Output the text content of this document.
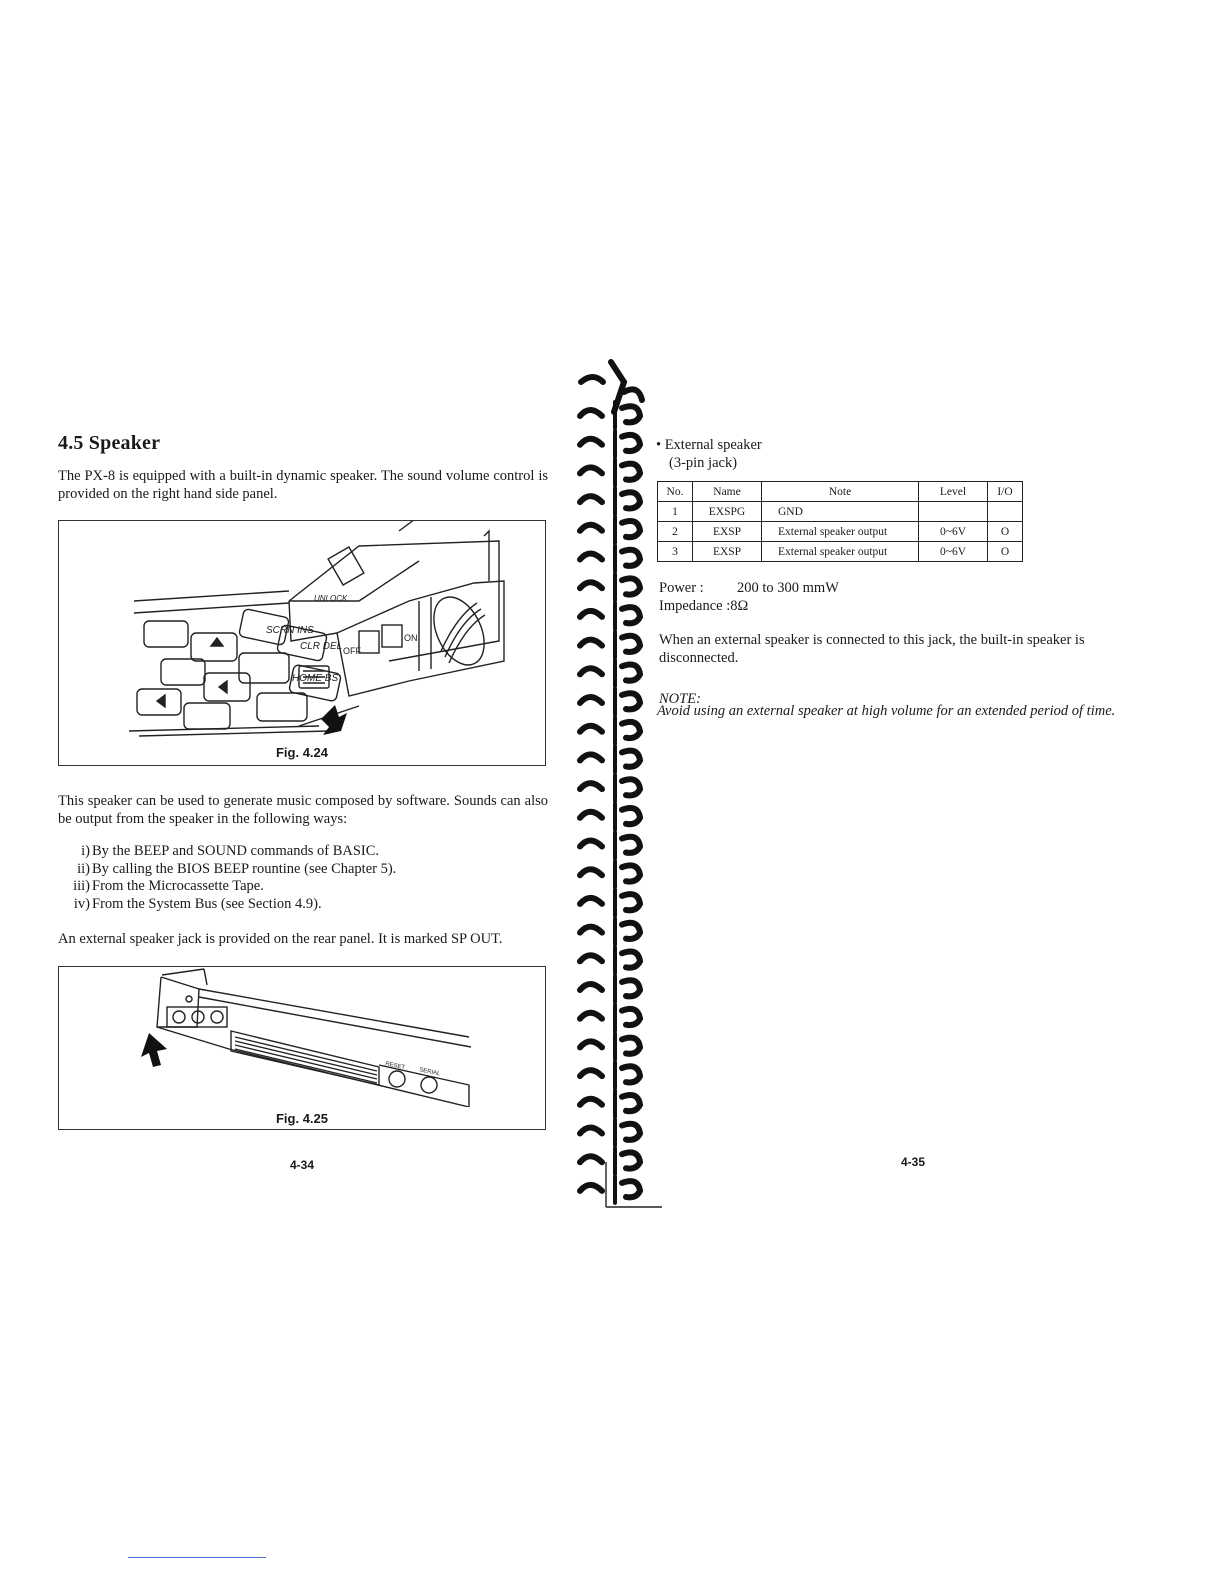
4.5 Speaker
The PX-8 is equipped with a built-in dynamic speaker. The sound volume control is provided on the right hand side panel.
SCRN INS
CLR DEL
HOME BS
OFF
ON
UNLOCK
Fig. 4.24
This speaker can be used to generate music composed by software. Sounds can also be output from the speaker in the following ways:
i) By the BEEP and SOUND commands of BASIC.
ii) By calling the BIOS BEEP rountine (see Chapter 5).
iii) From the Microcassette Tape.
iv) From the System Bus (see Section 4.9).
An external speaker jack is provided on the rear panel. It is marked SP OUT.
RESET
SERIAL
Fig. 4.25
4-34
• External speaker
(3-pin jack)
No.	Name	Note	Level	I/O
1	EXSPG	GND		
2	EXSP	External speaker output	0~6V	O
3	EXSP	External speaker output	0~6V	O
Power : 200 to 300 mmW
Impedance :8Ω
When an external speaker is connected to this jack, the built-in speaker is disconnected.
NOTE:
Avoid using an external speaker at high volume for an extended period of time.
4-35
